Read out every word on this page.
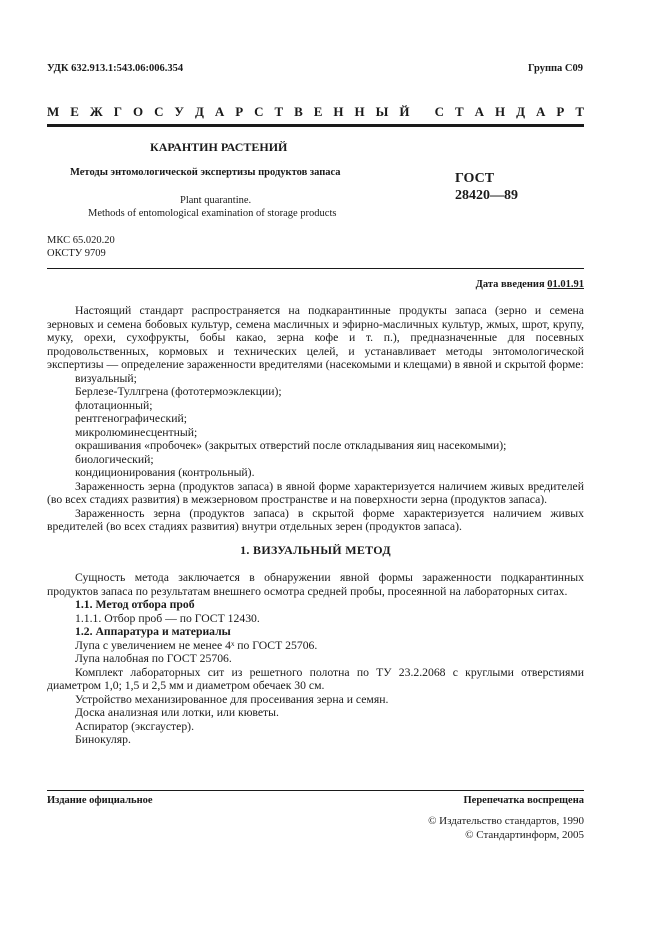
УДК 632.913.1:543.06:006.354	Группа С09
М Е Ж Г О С У Д А Р С Т В Е Н Н Ы Й
С Т А Н Д А Р Т
КАРАНТИН РАСТЕНИЙ
Методы энтомологической экспертизы продуктов запаса	ГОСТ
28420—89
Plant quarantine.
Methods of entomological examination of storage products
МКС 65.020.20
ОКСТУ 9709
Дата введения 01.01.91

Настоящий стандарт распространяется на подкарантинные продукты запаса (зерно и семена зерновых и семена бобовых культур, семена масличных и эфирно-масличных культур, жмых, шрот, крупу, муку, орехи, сухофрукты, бобы какао, зерна кофе и т. п.), предназначенные для посевных продовольственных, кормовых и технических целей, и устанавливает методы энтомологической экспертизы — определение зараженности вредителями (насекомыми и клещами) в явной и скрытой форме:

визуальный;

Берлезе-Туллгрена (фототермоэклекции);

флотационный;

рентгенографический;

микролюминесцентный;

окрашивания «пробочек» (закрытых отверстий после откладывания яиц насекомыми);

биологический;

кондиционирования (контрольный).

Зараженность зерна (продуктов запаса) в явной форме характеризуется наличием живых вредителей (во всех стадиях развития) в межзерновом пространстве и на поверхности зерна (продуктов запаса).

Зараженность зерна (продуктов запаса) в скрытой форме характеризуется наличием живых вредителей (во всех стадиях развития) внутри отдельных зерен (продуктов запаса).

1. ВИЗУАЛЬНЫЙ МЕТОД

Сущность метода заключается в обнаружении явной формы зараженности подкарантинных продуктов запаса по результатам внешнего осмотра средней пробы, просеянной на лабораторных ситах.

1.1. Метод отбора проб

1.1.1. Отбор проб — по ГОСТ 12430.

1.2. Аппаратура и материалы

Лупа с увеличением не менее 4ˣ по ГОСТ 25706.

Лупа налобная по ГОСТ 25706.

Комплект лабораторных сит из решетного полотна по ТУ 23.2.2068 с круглыми отверстиями диаметром 1,0; 1,5 и 2,5 мм и диаметром обечаек 30 см.

Устройство механизированное для просеивания зерна и семян.

Доска анализная или лотки, или кюветы.

Аспиратор (эксгаустер).

Бинокуляр.

Издание официальное	Перепечатка воспрещена
© Издательство стандартов, 1990
© Стандартинформ, 2005
